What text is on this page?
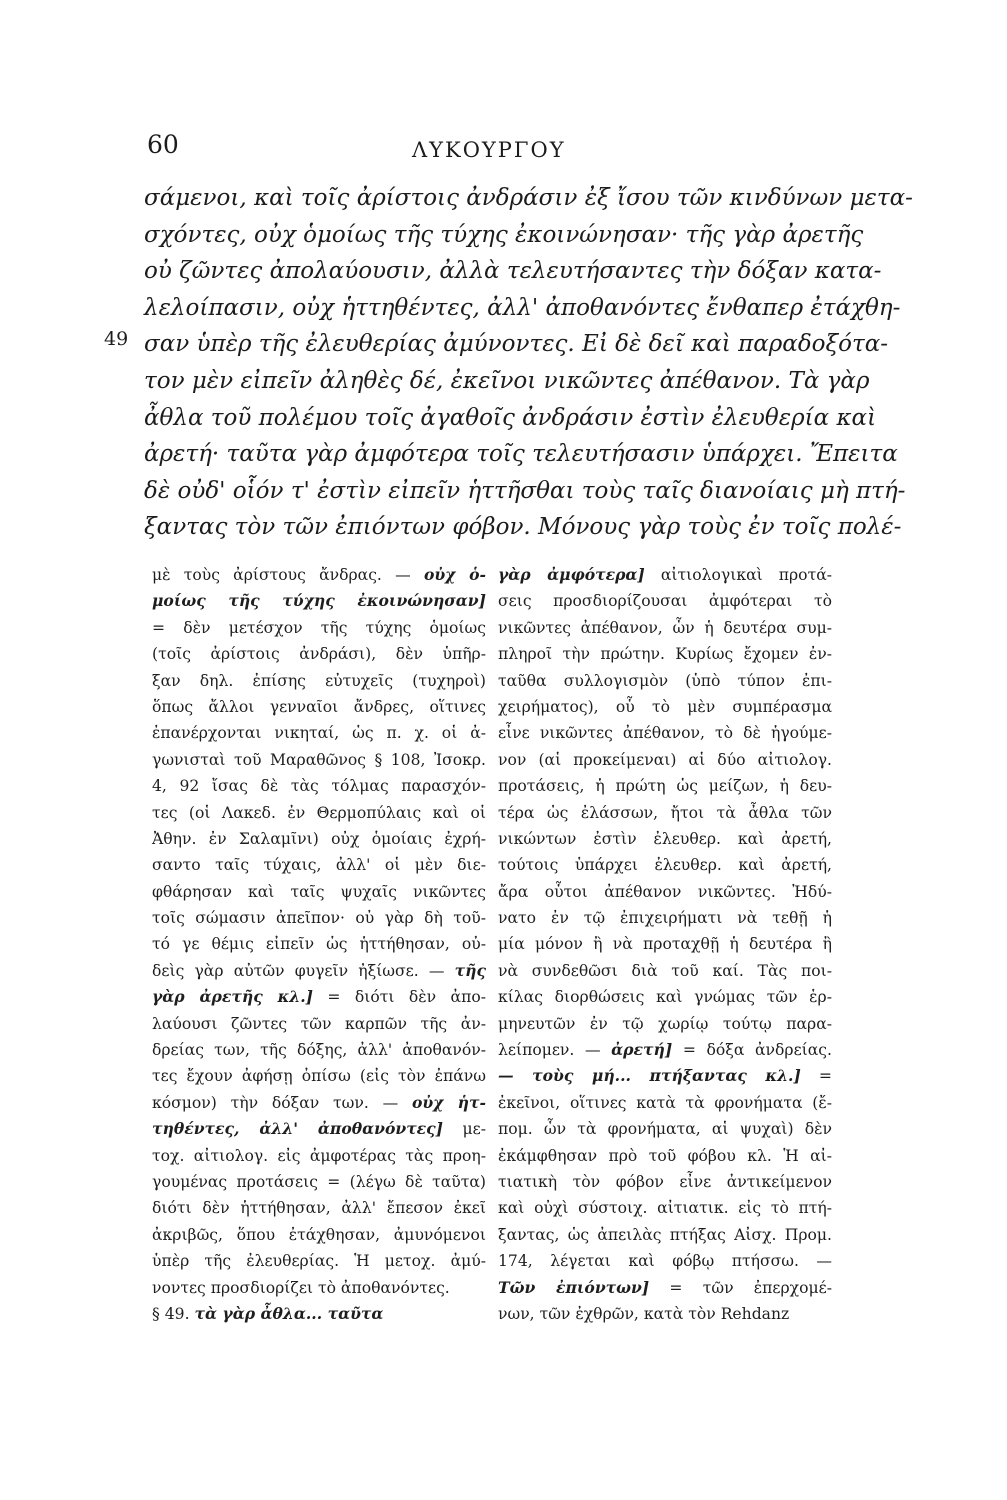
60	ΛΥΚΟΥΡΓΟΥ
49
σάμενοι, καὶ τοῖς ἀρίστοις ἀνδράσιν ἐξ ἴσου τῶν κινδύνων μετα-
σχόντες, οὐχ ὁμοίως τῆς τύχης ἐκοινώνησαν· τῆς γὰρ ἀρετῆς
οὐ ζῶντες ἀπολαύουσιν, ἀλλὰ τελευτήσαντες τὴν δόξαν κατα-
λελοίπασιν, οὐχ ἡττηθέντες, ἀλλ' ἀποθανόντες ἔνθαπερ ἐτάχθη-
σαν ὑπὲρ τῆς ἐλευθερίας ἀμύνοντες. Εἰ δὲ δεῖ καὶ παραδοξότα-
τον μὲν εἰπεῖν ἀληθὲς δέ, ἐκεῖνοι νικῶντες ἀπέθανον. Τὰ γὰρ
ἆθλα τοῦ πολέμου τοῖς ἀγαθοῖς ἀνδράσιν ἐστὶν ἐλευθερία καὶ
ἀρετή· ταῦτα γὰρ ἀμφότερα τοῖς τελευτήσασιν ὑπάρχει. Ἔπειτα
δὲ οὐδ' οἷόν τ' ἐστὶν εἰπεῖν ἡττῆσθαι τοὺς ταῖς διανοίαις μὴ πτή-
ξαντας τὸν τῶν ἐπιόντων φόβον. Μόνους γὰρ τοὺς ἐν τοῖς πολέ-
μὲ τοὺς ἀρίστους ἄνδρας. — οὐχ ὁ-
μοίως τῆς τύχης ἐκοινώνησαν]
= δὲν μετέσχον τῆς τύχης ὁμοίως
(τοῖς ἀρίστοις ἀνδράσι), δὲν ὑπῆρ-
ξαν δηλ. ἐπίσης εὐτυχεῖς (τυχηροὶ)
ὅπως ἄλλοι γενναῖοι ἄνδρες, οἵτινες
ἐπανέρχονται νικηταί, ὡς π. χ. οἱ ἀ-
γωνισταὶ τοῦ Μαραθῶνος § 108, Ἰσοκρ.
4, 92 ἴσας δὲ τὰς τόλμας παρασχόν-
τες (οἱ Λακεδ. ἐν Θερμοπύλαις καὶ οἱ
Ἀθην. ἐν Σαλαμῖνι) οὐχ ὁμοίαις ἐχρή-
σαντο ταῖς τύχαις, ἀλλ' οἱ μὲν διε-
φθάρησαν καὶ ταῖς ψυχαῖς νικῶντες
τοῖς σώμασιν ἀπεῖπον· οὐ γὰρ δὴ τοῦ-
τό γε θέμις εἰπεῖν ὡς ἡττήθησαν, οὐ-
δεὶς γὰρ αὐτῶν φυγεῖν ἠξίωσε. — τῆς
γὰρ ἀρετῆς κλ.] = διότι δὲν ἀπο-
λαύουσι ζῶντες τῶν καρπῶν τῆς ἀν-
δρείας των, τῆς δόξης, ἀλλ' ἀποθανόν-
τες ἔχουν ἀφήσῃ ὀπίσω (εἰς τὸν ἐπάνω
κόσμον) τὴν δόξαν των. — οὐχ ἡτ-
τηθέντες, ἀλλ' ἀποθανόντες] με-
τοχ. αἰτιολογ. εἰς ἀμφοτέρας τὰς προη-
γουμένας προτάσεις = (λέγω δὲ ταῦτα)
διότι δὲν ἡττήθησαν, ἀλλ' ἔπεσον ἐκεῖ
ἀκριβῶς, ὅπου ἐτάχθησαν, ἀμυνόμενοι
ὑπὲρ τῆς ἐλευθερίας. Ἡ μετοχ. ἀμύ-
νοντες προσδιορίζει τὸ ἀποθανόντες.
§ 49. τὰ γὰρ ἆθλα... ταῦτα
γὰρ ἀμφότερα] αἰτιολογικαὶ προτά-
σεις προσδιορίζουσαι ἀμφότεραι τὸ
νικῶντες ἀπέθανον, ὧν ἡ δευτέρα συμ-
πληροῖ τὴν πρώτην. Κυρίως ἔχομεν ἐν-
ταῦθα συλλογισμὸν (ὑπὸ τύπον ἐπι-
χειρήματος), οὗ τὸ μὲν συμπέρασμα
εἶνε νικῶντες ἀπέθανον, τὸ δὲ ἡγούμε-
νον (αἱ προκείμεναι) αἱ δύο αἰτιολογ.
προτάσεις, ἡ πρώτη ὡς μείζων, ἡ δευ-
τέρα ὡς ἐλάσσων, ἤτοι τὰ ἆθλα τῶν
νικώντων ἐστὶν ἐλευθερ. καὶ ἀρετή,
τούτοις ὑπάρχει ἐλευθερ. καὶ ἀρετή,
ἄρα οὗτοι ἀπέθανον νικῶντες. Ἠδύ-
νατο ἐν τῷ ἐπιχειρήματι νὰ τεθῇ ἡ
μία μόνον ἢ νὰ προταχθῇ ἡ δευτέρα ἢ
νὰ συνδεθῶσι διὰ τοῦ καί. Τὰς ποι-
κίλας διορθώσεις καὶ γνώμας τῶν ἑρ-
μηνευτῶν ἐν τῷ χωρίῳ τούτῳ παρα-
λείπομεν. — ἀρετή] = δόξα ἀνδρείας.
— τοὺς μή... πτήξαντας κλ.] =
ἐκεῖνοι, οἵτινες κατὰ τὰ φρονήματα (ἔ-
πομ. ὧν τὰ φρονήματα, αἱ ψυχαὶ) δὲν
ἐκάμφθησαν πρὸ τοῦ φόβου κλ. Ἡ αἰ-
τιατικὴ τὸν φόβον εἶνε ἀντικείμενον
καὶ οὐχὶ σύστοιχ. αἰτιατικ. εἰς τὸ πτή-
ξαντας, ὡς ἀπειλὰς πτήξας Αἰσχ. Προμ.
174, λέγεται καὶ φόβῳ πτήσσω. —
Τῶν ἐπιόντων] = τῶν ἐπερχομέ-
νων, τῶν ἐχθρῶν, κατὰ τὸν Rehdanz
